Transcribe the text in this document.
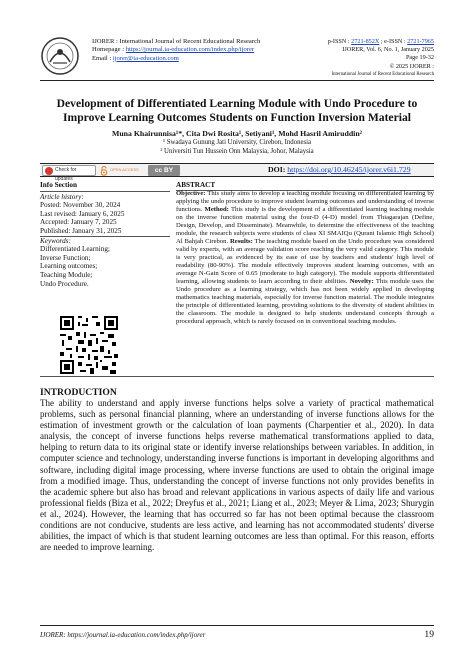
IJORER : International Journal of Recent Educational Research
Homepage : https://journal.ia-education.com/index.php/ijorer
Email : ijorer@ia-education.com
p-ISSN : 2721-852X ; e-ISSN : 2721-7965
IJORER, Vol. 6, No. 1, January 2025
Page 19-32
© 2025 IJORER :
International Journal of Recent Educational Research
Development of Differentiated Learning Module with Undo Procedure to Improve Learning Outcomes Students on Function Inversion Material
Muna Khairunnisa¹*, Cita Dwi Rosita¹, Setiyani¹, Mohd Hasril Amiruddin²
¹ Swadaya Gunung Jati University, Cirebon, Indonesia
² Universiti Tun Hussein Onn Malaysia, Johor, Malaysia
Check for updates
OPEN ACCESS	cc BY	DOI: https://doi.org/10.46245/ijorer.v6i1.729
Info Section
Article history:
Posted: November 30, 2024
Last revised: January 6, 2025
Accepted: January 7, 2025
Published: January 31, 2025
Keywords:
Differentiated Learning;
Inverse Function;
Learning outcomes;
Teaching Module;
Undo Procedure.
ABSTRACT
Objective: This study aims to develop a teaching module focusing on differentiated learning by applying the undo procedure to improve student learning outcomes and understanding of inverse functions. Method: This study is the development of a differentiated learning teaching module on the inverse function material using the four-D (4-D) model from Thiagarajan (Define, Design, Develop, and Disseminate). Meanwhile, to determine the effectiveness of the teaching module, the research subjects were students of class XI SMAIQu (Qurani Islamic High School) Al Bahjah Cirebon. Results: The teaching module based on the Undo procedure was considered valid by experts, with an average validation score reaching the very valid category. This module is very practical, as evidenced by its ease of use by teachers and students' high level of readability (80-90%). The module effectively improves student learning outcomes, with an average N-Gain Score of 0.65 (moderate to high category). The module supports differentiated learning, allowing students to learn according to their abilities. Novelty: This module uses the Undo procedure as a learning strategy, which has not been widely applied in developing mathematics teaching materials, especially for inverse function material. The module integrates the principle of differentiated learning, providing solutions to the diversity of student abilities in the classroom. The module is designed to help students understand concepts through a procedural approach, which is rarely focused on in conventional teaching modules.
INTRODUCTION
The ability to understand and apply inverse functions helps solve a variety of practical mathematical problems, such as personal financial planning, where an understanding of inverse functions allows for the estimation of investment growth or the calculation of loan payments (Charpentier et al., 2020). In data analysis, the concept of inverse functions helps reverse mathematical transformations applied to data, helping to return data to its original state or identify inverse relationships between variables. In addition, in computer science and technology, understanding inverse functions is important in developing algorithms and software, including digital image processing, where inverse functions are used to obtain the original image from a modified image. Thus, understanding the concept of inverse functions not only provides benefits in the academic sphere but also has broad and relevant applications in various aspects of daily life and various professional fields (Biza et al., 2022; Dreyfus et al., 2021; Liang et al., 2023; Meyer & Lima, 2023; Shurygin et al., 2024). However, the learning that has occurred so far has not been optimal because the classroom conditions are not conducive, students are less active, and learning has not accommodated students' diverse abilities, the impact of which is that student learning outcomes are less than optimal. For this reason, efforts are needed to improve learning.
IJORER: https://journal.ia-education.com/index.php/ijorer	19
